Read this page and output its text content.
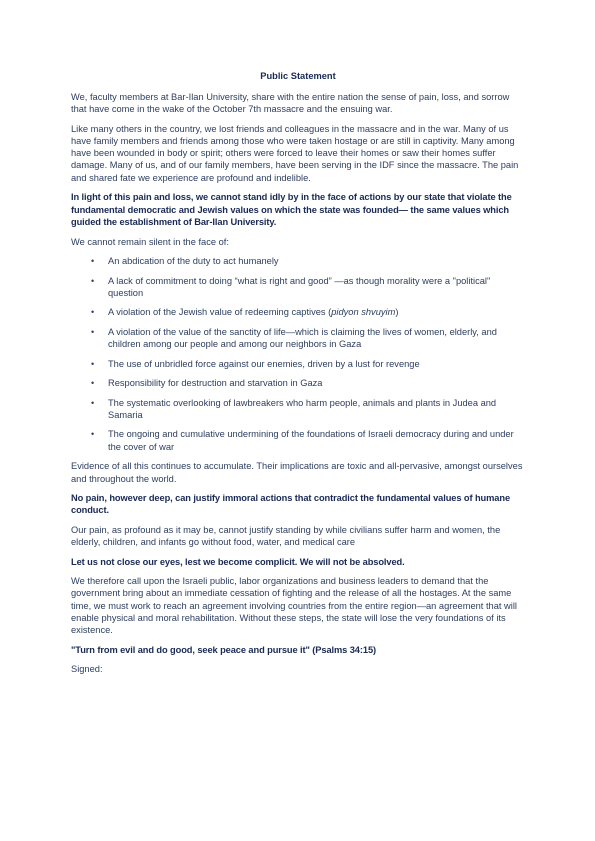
Public Statement

We, faculty members at Bar-Ilan University, share with the entire nation the sense of pain, loss, and sorrow that have come in the wake of the October 7th massacre and the ensuing war.

Like many others in the country, we lost friends and colleagues in the massacre and in the war. Many of us have family members and friends among those who were taken hostage or are still in captivity. Many among have been wounded in body or spirit; others were forced to leave their homes or saw their homes suffer damage. Many of us, and of our family members, have been serving in the IDF since the massacre. The pain and shared fate we experience are profound and indelible.

In light of this pain and loss, we cannot stand idly by in the face of actions by our state that violate the fundamental democratic and Jewish values on which the state was founded— the same values which guided the establishment of Bar-Ilan University.

We cannot remain silent in the face of:

• An abdication of the duty to act humanely
• A lack of commitment to doing “what is right and good” —as though morality were a "political" question
• A violation of the Jewish value of redeeming captives (pidyon shvuyim)
• A violation of the value of the sanctity of life—which is claiming the lives of women, elderly, and children among our people and among our neighbors in Gaza
• The use of unbridled force against our enemies, driven by a lust for revenge
• Responsibility for destruction and starvation in Gaza
• The systematic overlooking of lawbreakers who harm people, animals and plants in Judea and Samaria
• The ongoing and cumulative undermining of the foundations of Israeli democracy during and under the cover of war

Evidence of all this continues to accumulate. Their implications are toxic and all-pervasive, amongst ourselves and throughout the world.

No pain, however deep, can justify immoral actions that contradict the fundamental values of humane conduct.

Our pain, as profound as it may be, cannot justify standing by while civilians suffer harm and women, the elderly, children, and infants go without food, water, and medical care

Let us not close our eyes, lest we become complicit. We will not be absolved.

We therefore call upon the Israeli public, labor organizations and business leaders to demand that the government bring about an immediate cessation of fighting and the release of all the hostages. At the same time, we must work to reach an agreement involving countries from the entire region—an agreement that will enable physical and moral rehabilitation. Without these steps, the state will lose the very foundations of its existence.

"Turn from evil and do good, seek peace and pursue it" (Psalms 34:15)

Signed:
